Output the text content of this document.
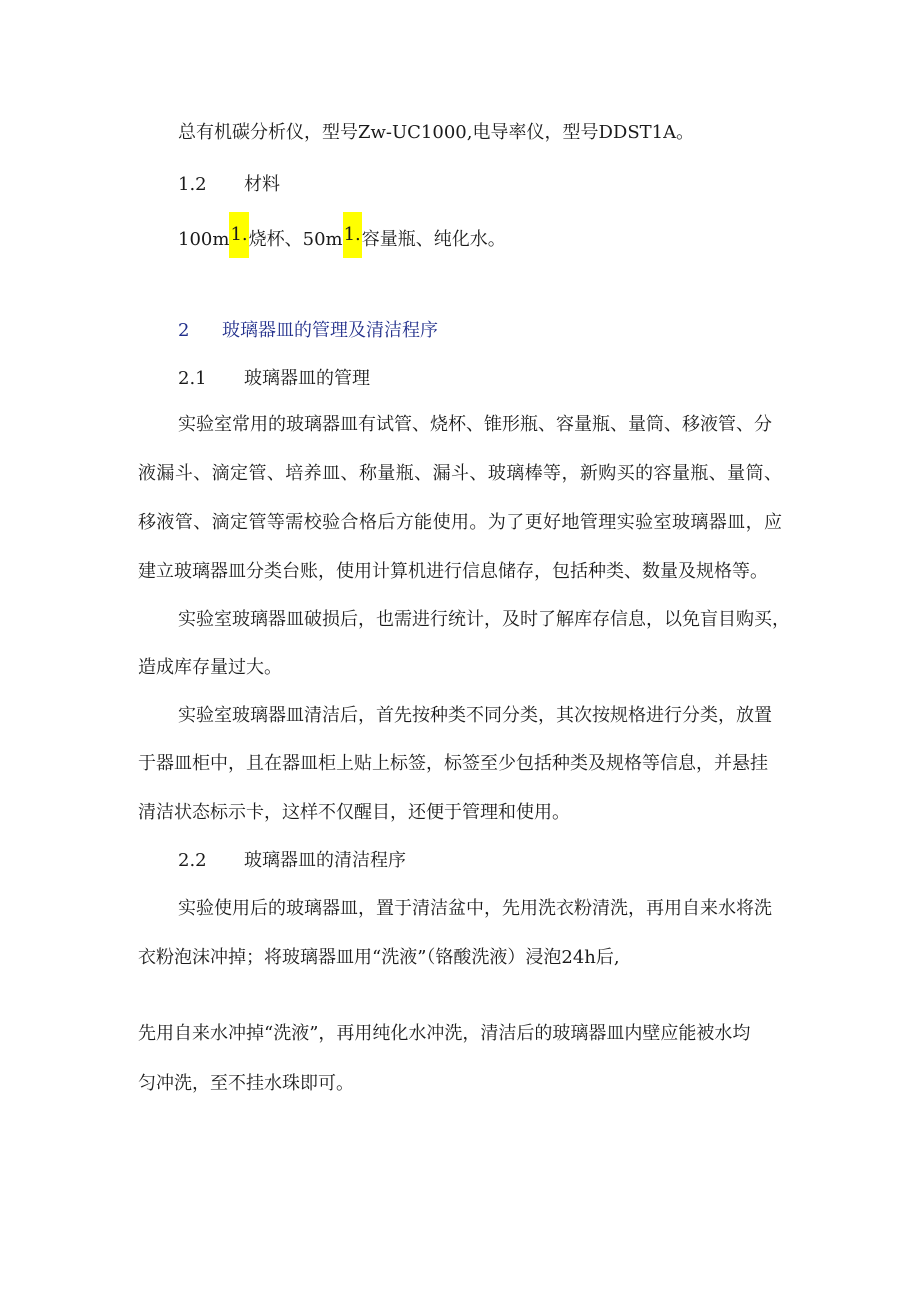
总有机碳分析仪，型号Zw-UC1000,电导率仪，型号DDST1A。

1.2 材料

100m1.烧杯、50m1.容量瓶、纯化水。

2 玻璃器皿的管理及清洁程序

2.1 玻璃器皿的管理

实验室常用的玻璃器皿有试管、烧杯、锥形瓶、容量瓶、量筒、移液管、分

液漏斗、滴定管、培养皿、称量瓶、漏斗、玻璃棒等，新购买的容量瓶、量筒、

移液管、滴定管等需校验合格后方能使用。为了更好地管理实验室玻璃器皿，应

建立玻璃器皿分类台账，使用计算机进行信息储存，包括种类、数量及规格等。

实验室玻璃器皿破损后，也需进行统计，及时了解库存信息，以免盲目购买，

造成库存量过大。

实验室玻璃器皿清洁后，首先按种类不同分类，其次按规格进行分类，放置

于器皿柜中，且在器皿柜上贴上标签，标签至少包括种类及规格等信息，并悬挂

清洁状态标示卡，这样不仅醒目，还便于管理和使用。

2.2 玻璃器皿的清洁程序

实验使用后的玻璃器皿，置于清洁盆中，先用洗衣粉清洗，再用自来水将洗

衣粉泡沫冲掉；将玻璃器皿用“洗液”（铬酸洗液）浸泡24h后,

先用自来水冲掉“洗液”，再用纯化水冲洗，清洁后的玻璃器皿内壁应能被水均

匀冲洗，至不挂水珠即可。
